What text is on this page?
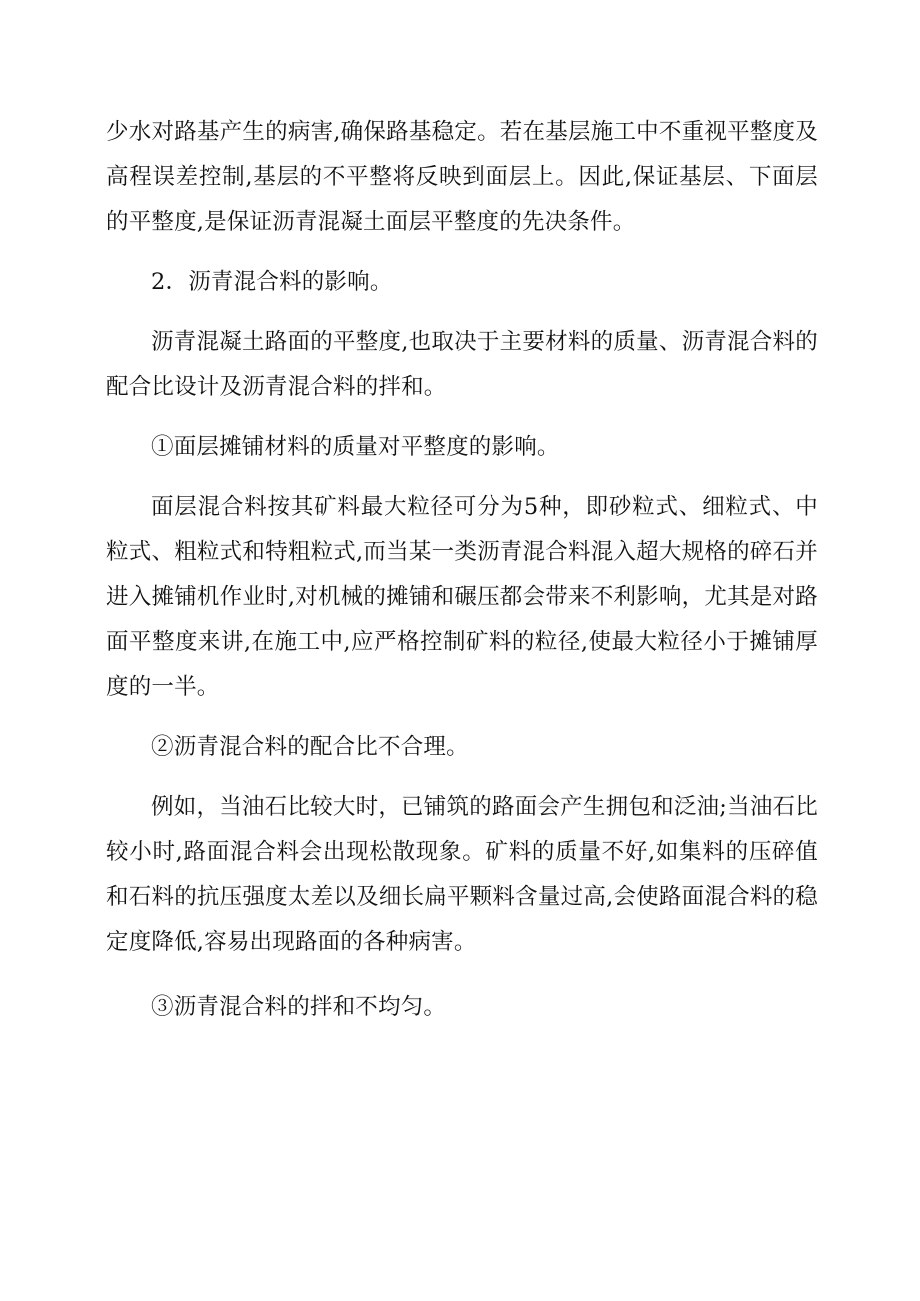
少水对路基产生的病害,确保路基稳定。若在基层施工中不重视平整度及高程误差控制,基层的不平整将反映到面层上。因此,保证基层、下面层的平整度,是保证沥青混凝土面层平整度的先决条件。

2．沥青混合料的影响。

沥青混凝土路面的平整度,也取决于主要材料的质量、沥青混合料的配合比设计及沥青混合料的拌和。

①面层摊铺材料的质量对平整度的影响。

面层混合料按其矿料最大粒径可分为5种，即砂粒式、细粒式、中粒式、粗粒式和特粗粒式,而当某一类沥青混合料混入超大规格的碎石并进入摊铺机作业时,对机械的摊铺和碾压都会带来不利影响，尤其是对路面平整度来讲,在施工中,应严格控制矿料的粒径,使最大粒径小于摊铺厚度的一半。

②沥青混合料的配合比不合理。

例如，当油石比较大时，已铺筑的路面会产生拥包和泛油;当油石比较小时,路面混合料会出现松散现象。矿料的质量不好,如集料的压碎值和石料的抗压强度太差以及细长扁平颗料含量过高,会使路面混合料的稳定度降低,容易出现路面的各种病害。

③沥青混合料的拌和不均匀。
